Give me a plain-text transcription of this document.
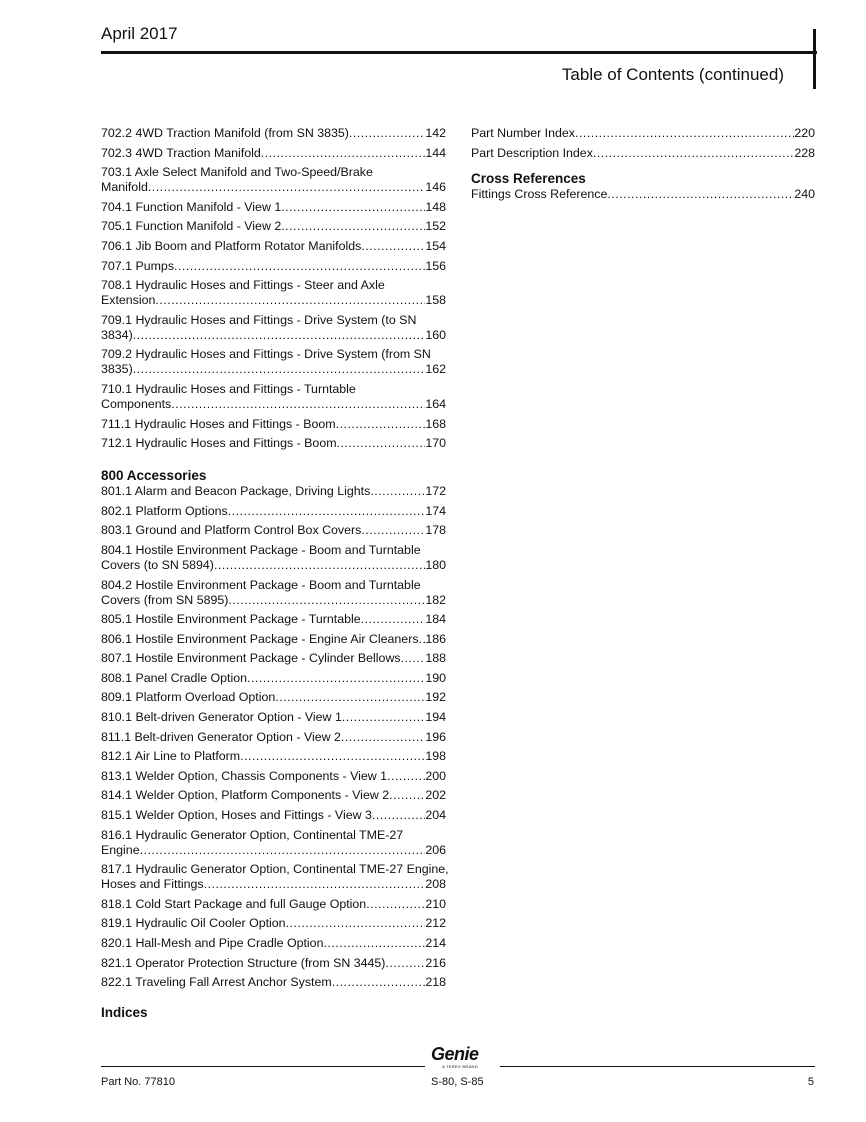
April 2017
Table of Contents (continued)
702.2 4WD Traction Manifold (from SN 3835) .....	142
702.3 4WD Traction Manifold .....	144
703.1 Axle Select Manifold and Two-Speed/Brake
Manifold .....	146
704.1 Function Manifold - View 1 .....	148
705.1 Function Manifold - View 2 .....	152
706.1 Jib Boom and Platform Rotator Manifolds .....	154
707.1 Pumps .....	156
708.1 Hydraulic Hoses and Fittings - Steer and Axle
Extension .....	158
709.1 Hydraulic Hoses and Fittings - Drive System (to SN
3834) .....	160
709.2 Hydraulic Hoses and Fittings - Drive System (from SN
3835) .....	162
710.1 Hydraulic Hoses and Fittings - Turntable
Components .....	164
711.1 Hydraulic Hoses and Fittings - Boom .....	168
712.1 Hydraulic Hoses and Fittings - Boom .....	170
800 Accessories
801.1 Alarm and Beacon Package, Driving Lights .....	172
802.1 Platform Options .....	174
803.1 Ground and Platform Control Box Covers .....	178
804.1 Hostile Environment Package - Boom and Turntable
Covers (to SN 5894) .....	180
804.2 Hostile Environment Package - Boom and Turntable
Covers (from SN 5895) .....	182
805.1 Hostile Environment Package - Turntable .....	184
806.1 Hostile Environment Package - Engine Air Cleaners ..... 186
807.1 Hostile Environment Package - Cylinder Bellows ..... 188
808.1 Panel Cradle Option .....	190
809.1 Platform Overload Option .....	192
810.1 Belt-driven Generator Option - View 1 .....	194
811.1 Belt-driven Generator Option - View 2 .....	196
812.1 Air Line to Platform .....	198
813.1 Welder Option, Chassis Components - View 1 .....	200
814.1 Welder Option, Platform Components - View 2 .....	202
815.1 Welder Option, Hoses and Fittings - View 3 .....	204
816.1 Hydraulic Generator Option, Continental TME-27
Engine .....	206
817.1 Hydraulic Generator Option, Continental TME-27 Engine,
Hoses and Fittings .....	208
818.1 Cold Start Package and full Gauge Option .....	210
819.1 Hydraulic Oil Cooler Option .....	212
820.1 Hall-Mesh and Pipe Cradle Option .....	214
821.1 Operator Protection Structure (from SN 3445) .....	216
822.1 Traveling Fall Arrest Anchor System .....	218
Indices
Part Number Index .....	220
Part Description Index .....	228
Cross References
Fittings Cross Reference .....	240
Genie
A TEREX BRAND
Part No. 77810	S-80, S-85	5
